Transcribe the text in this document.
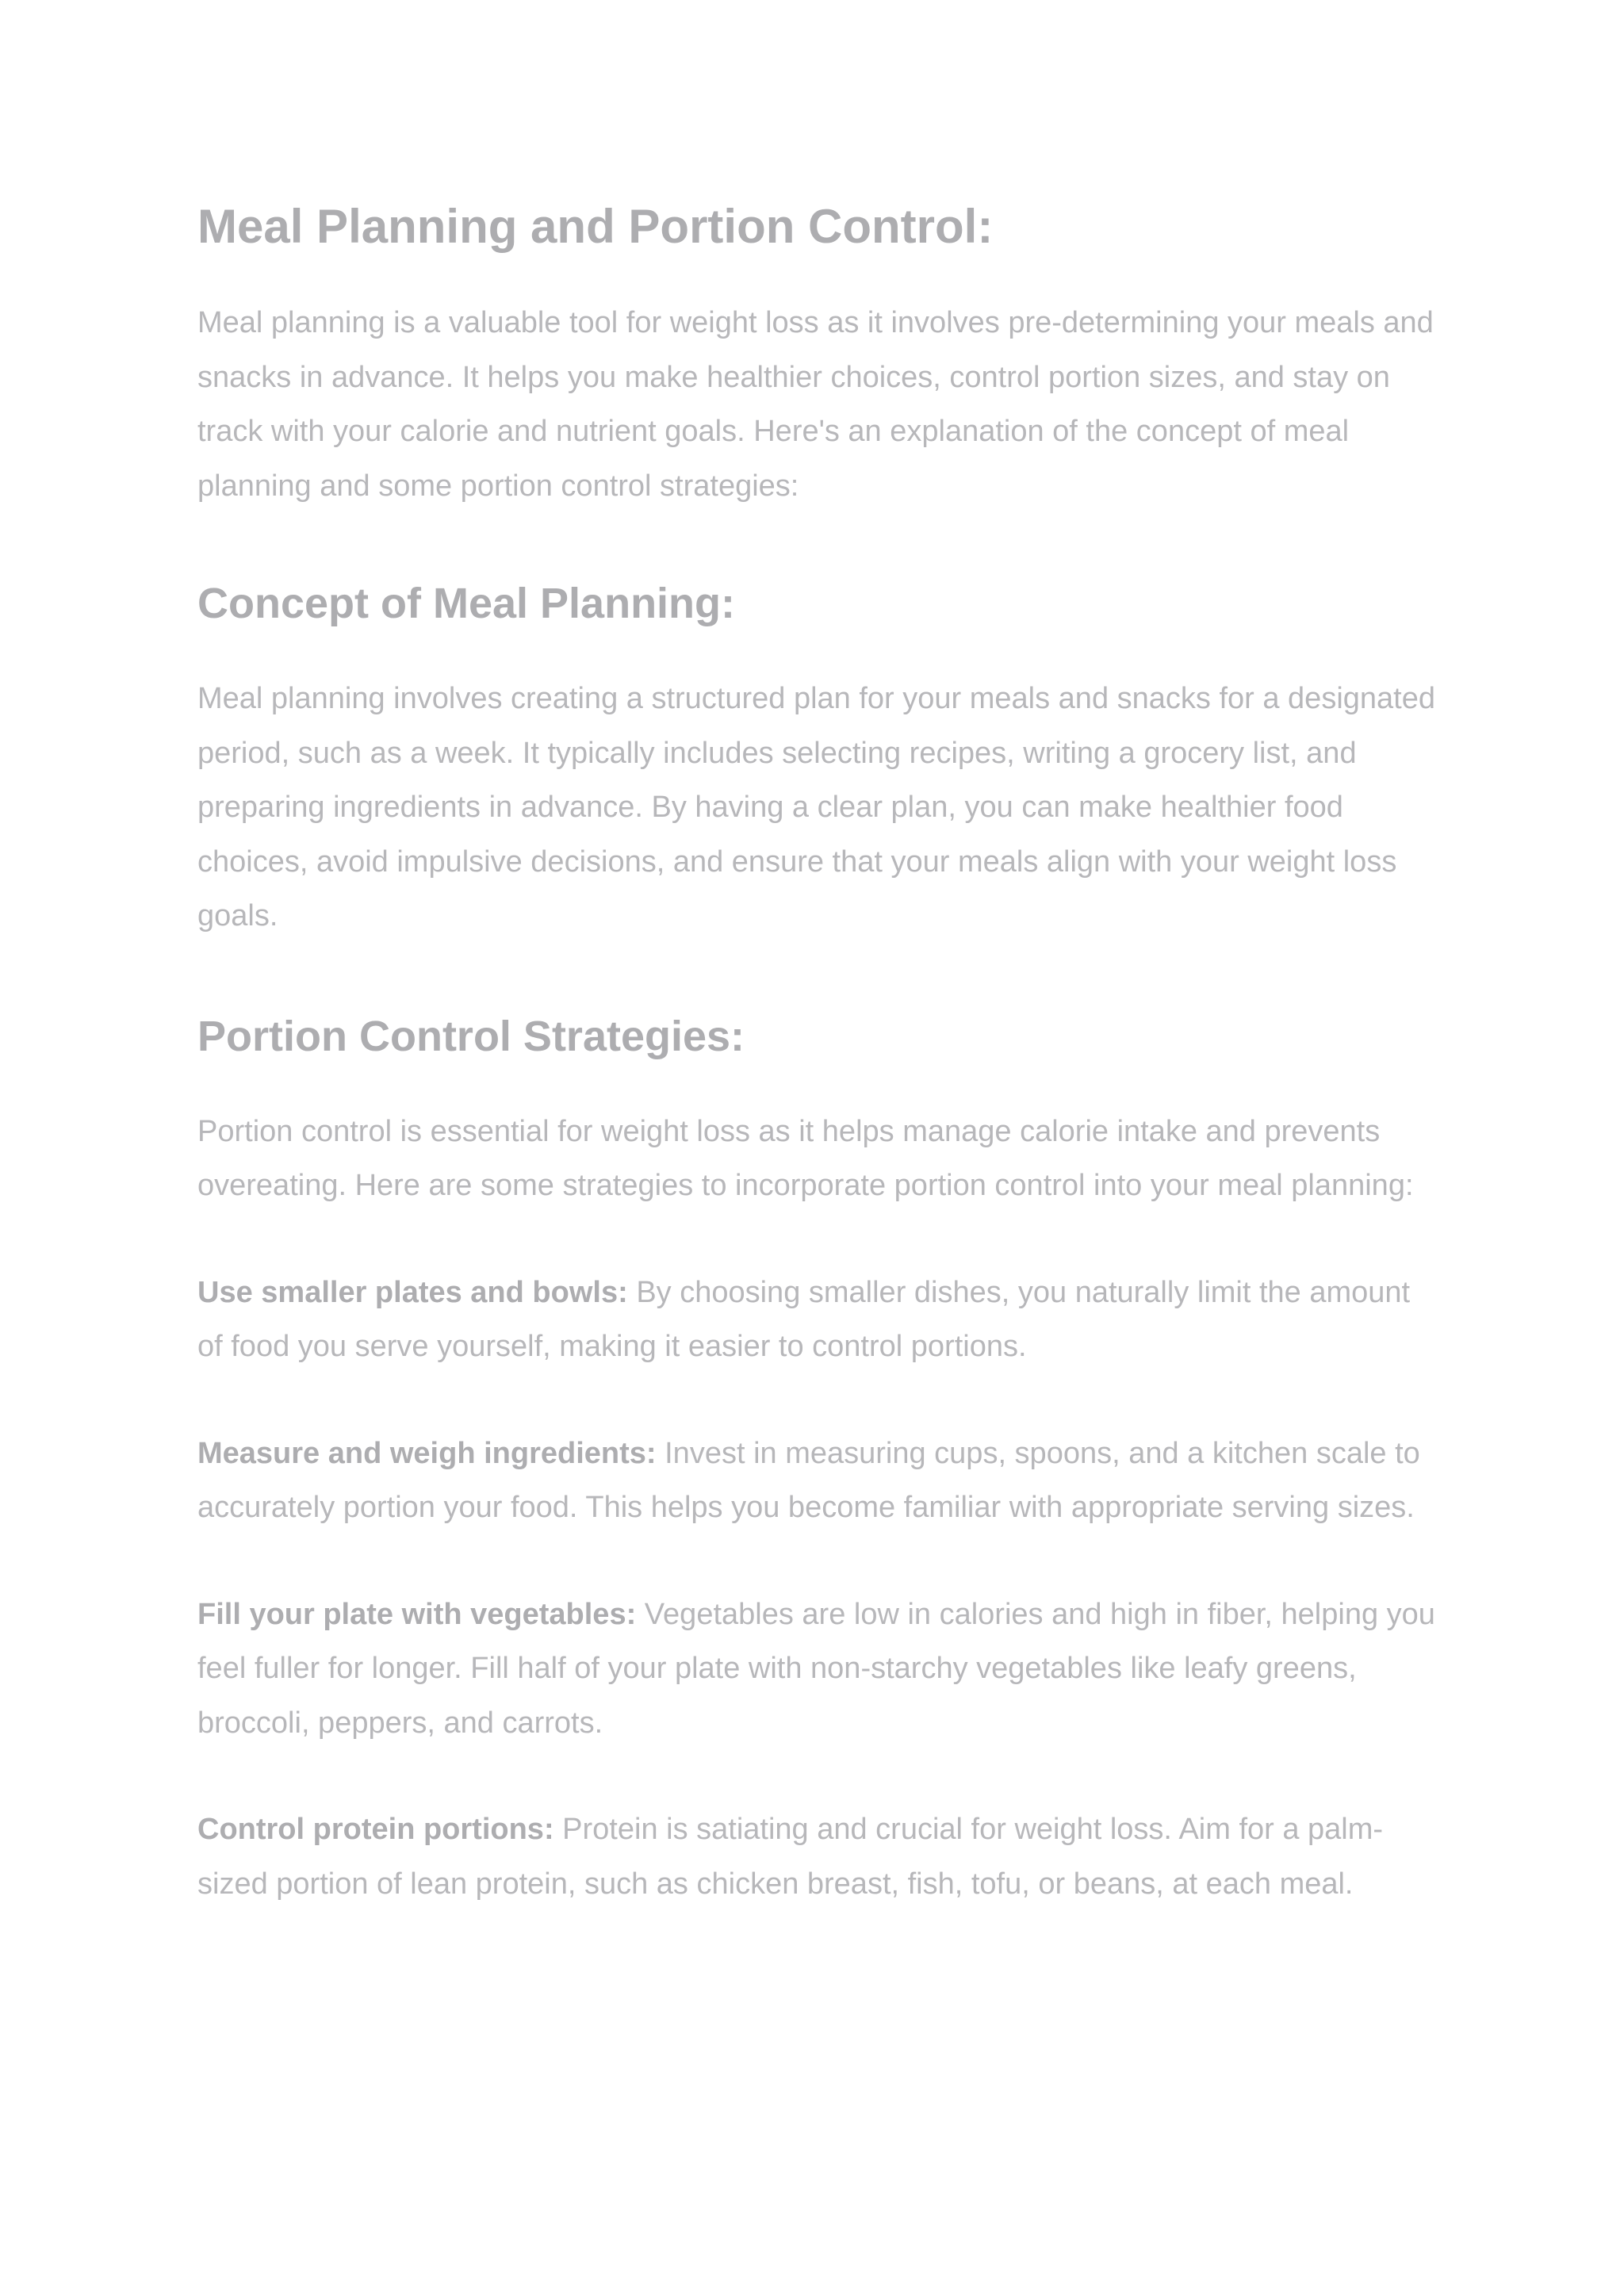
Meal Planning and Portion Control:

Meal planning is a valuable tool for weight loss as it involves pre-determining your meals and snacks in advance. It helps you make healthier choices, control portion sizes, and stay on track with your calorie and nutrient goals. Here's an explanation of the concept of meal planning and some portion control strategies:

Concept of Meal Planning:

Meal planning involves creating a structured plan for your meals and snacks for a designated period, such as a week. It typically includes selecting recipes, writing a grocery list, and preparing ingredients in advance. By having a clear plan, you can make healthier food choices, avoid impulsive decisions, and ensure that your meals align with your weight loss goals.

Portion Control Strategies:

Portion control is essential for weight loss as it helps manage calorie intake and prevents overeating. Here are some strategies to incorporate portion control into your meal planning:

Use smaller plates and bowls: By choosing smaller dishes, you naturally limit the amount of food you serve yourself, making it easier to control portions.

Measure and weigh ingredients: Invest in measuring cups, spoons, and a kitchen scale to accurately portion your food. This helps you become familiar with appropriate serving sizes.

Fill your plate with vegetables: Vegetables are low in calories and high in fiber, helping you feel fuller for longer. Fill half of your plate with non-starchy vegetables like leafy greens, broccoli, peppers, and carrots.

Control protein portions: Protein is satiating and crucial for weight loss. Aim for a palm-sized portion of lean protein, such as chicken breast, fish, tofu, or beans, at each meal.
